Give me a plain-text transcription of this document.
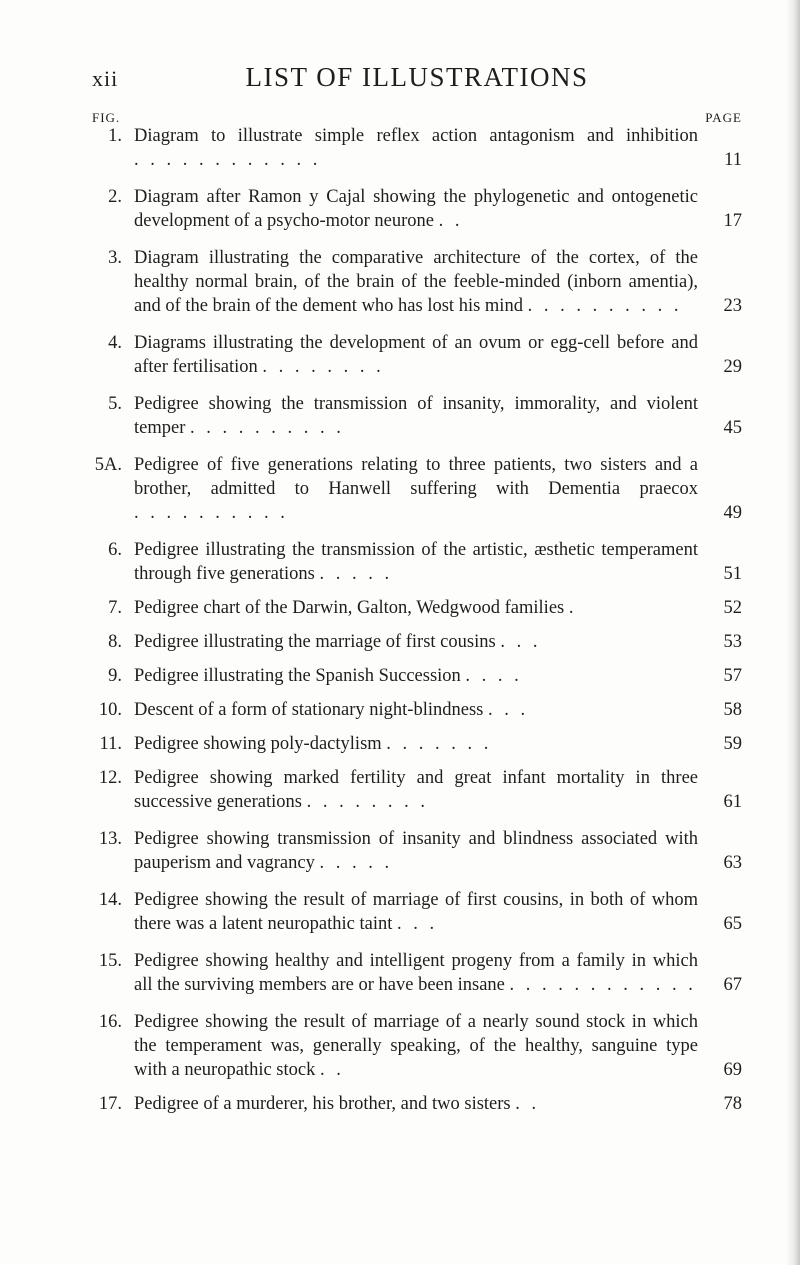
xii	LIST OF ILLUSTRATIONS
FIG.	PAGE
1. Diagram to illustrate simple reflex action antagonism and inhibition . . . . . . . . . . . .	11
2. Diagram after Ramon y Cajal showing the phylogenetic and ontogenetic development of a psycho-motor neurone . .	17
3. Diagram illustrating the comparative architecture of the cortex, of the healthy normal brain, of the brain of the feeble-minded (inborn amentia), and of the brain of the dement who has lost his mind . . . . . . . . . .	23
4. Diagrams illustrating the development of an ovum or egg-cell before and after fertilisation . . . . . . . .	29
5. Pedigree showing the transmission of insanity, immorality, and violent temper . . . . . . . . . .	45
5A. Pedigree of five generations relating to three patients, two sisters and a brother, admitted to Hanwell suffering with Dementia praecox . . . . . . . . . .	49
6. Pedigree illustrating the transmission of the artistic, æsthetic temperament through five generations . . . . .	51
7. Pedigree chart of the Darwin, Galton, Wedgwood families .	52
8. Pedigree illustrating the marriage of first cousins . . .	53
9. Pedigree illustrating the Spanish Succession . . . .	57
10. Descent of a form of stationary night-blindness . . .	58
11. Pedigree showing poly-dactylism . . . . . . .	59
12. Pedigree showing marked fertility and great infant mortality in three successive generations . . . . . . . .	61
13. Pedigree showing transmission of insanity and blindness associated with pauperism and vagrancy . . . . .	63
14. Pedigree showing the result of marriage of first cousins, in both of whom there was a latent neuropathic taint . . .	65
15. Pedigree showing healthy and intelligent progeny from a family in which all the surviving members are or have been insane . . . . . . . . . . . .	67
16. Pedigree showing the result of marriage of a nearly sound stock in which the temperament was, generally speaking, of the healthy, sanguine type with a neuropathic stock . .	69
17. Pedigree of a murderer, his brother, and two sisters . .	78
